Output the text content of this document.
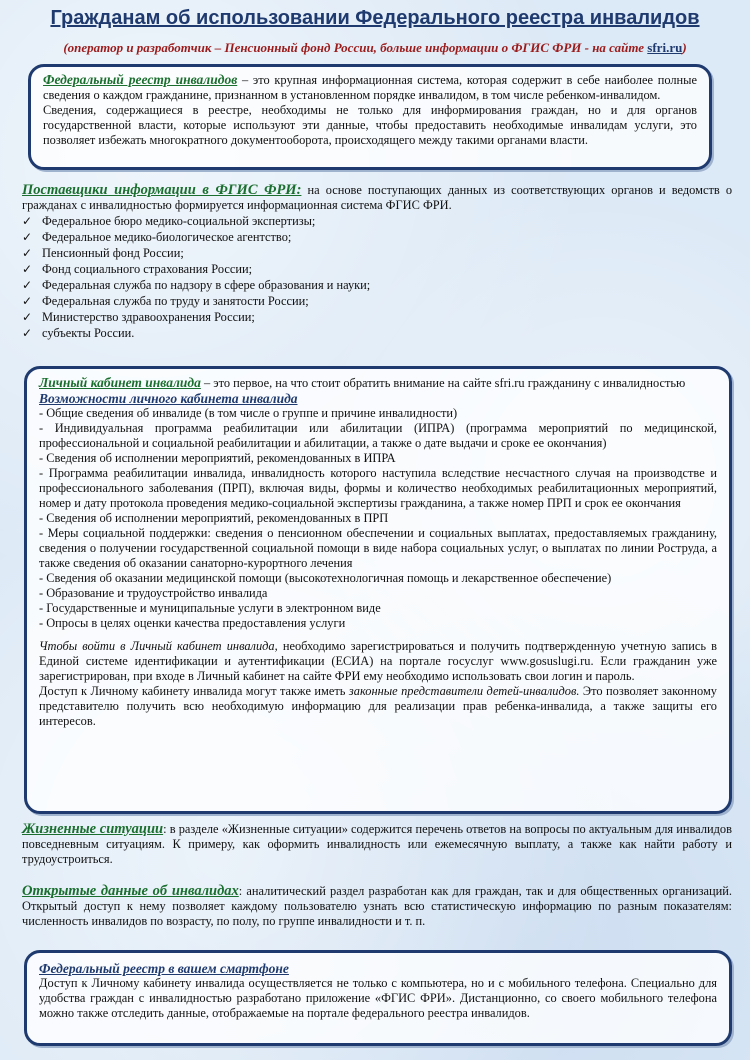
Гражданам об использовании Федерального реестра инвалидов
(оператор и разработчик – Пенсионный фонд России, больше информации о ФГИС ФРИ - на сайте sfri.ru)

Федеральный реестр инвалидов – это крупная информационная система, которая содержит в себе наиболее полные сведения о каждом гражданине, признанном в установленном порядке инвалидом, в том числе ребенком-инвалидом.

Сведения, содержащиеся в реестре, необходимы не только для информирования граждан, но и для органов государственной власти, которые используют эти данные, чтобы предоставить необходимые инвалидам услуги, это позволяет избежать многократного документооборота, происходящего между такими органами власти.

Поставщики информации в ФГИС ФРИ: на основе поступающих данных из соответствующих органов и ведомств о гражданах с инвалидностью формируется информационная система ФГИС ФРИ.

✓ Федеральное бюро медико-социальной экспертизы;
✓ Федеральное медико-биологическое агентство;
✓ Пенсионный фонд России;
✓ Фонд социального страхования России;
✓ Федеральная служба по надзору в сфере образования и науки;
✓ Федеральная служба по труду и занятости России;
✓ Министерство здравоохранения России;
✓ субъекты России.

Личный кабинет инвалида – это первое, на что стоит обратить внимание на сайте sfri.ru гражданину с инвалидностью

Возможности личного кабинета инвалида

- Общие сведения об инвалиде (в том числе о группе и причине инвалидности)

- Индивидуальная программа реабилитации или абилитации (ИПРА) (программа мероприятий по медицинской, профессиональной и социальной реабилитации и абилитации, а также о дате выдачи и сроке ее окончания)

- Сведения об исполнении мероприятий, рекомендованных в ИПРА

- Программа реабилитации инвалида, инвалидность которого наступила вследствие несчастного случая на производстве и профессионального заболевания (ПРП), включая виды, формы и количество необходимых реабилитационных мероприятий, номер и дату протокола проведения медико-социальной экспертизы гражданина, а также номер ПРП и срок ее окончания

- Сведения об исполнении мероприятий, рекомендованных в ПРП

- Меры социальной поддержки: сведения о пенсионном обеспечении и социальных выплатах, предоставляемых гражданину, сведения о получении государственной социальной помощи в виде набора социальных услуг, о выплатах по линии Роструда, а также сведения об оказании санаторно-курортного лечения

- Сведения об оказании медицинской помощи (высокотехнологичная помощь и лекарственное обеспечение)

- Образование и трудоустройство инвалида

- Государственные и муниципальные услуги в электронном виде

- Опросы в целях оценки качества предоставления услуги

Чтобы войти в Личный кабинет инвалида, необходимо зарегистрироваться и получить подтвержденную учетную запись в Единой системе идентификации и аутентификации (ЕСИА) на портале госуслуг www.gosuslugi.ru. Если гражданин уже зарегистрирован, при входе в Личный кабинет на сайте ФРИ ему необходимо использовать свои логин и пароль.

Доступ к Личному кабинету инвалида могут также иметь законные представители детей-инвалидов. Это позволяет законному представителю получить всю необходимую информацию для реализации прав ребенка-инвалида, а также защиты его интересов.

Жизненные ситуации: в разделе «Жизненные ситуации» содержится перечень ответов на вопросы по актуальным для инвалидов повседневным ситуациям. К примеру, как оформить инвалидность или ежемесячную выплату, а также как найти работу и трудоустроиться.

Открытые данные об инвалидах: аналитический раздел разработан как для граждан, так и для общественных организаций. Открытый доступ к нему позволяет каждому пользователю узнать всю статистическую информацию по разным показателям: численность инвалидов по возрасту, по полу, по группе инвалидности и т. п.

Федеральный реестр в вашем смартфоне

Доступ к Личному кабинету инвалида осуществляется не только с компьютера, но и с мобильного телефона. Специально для удобства граждан с инвалидностью разработано приложение «ФГИС ФРИ». Дистанционно, со своего мобильного телефона можно также отследить данные, отображаемые на портале федерального реестра инвалидов.
